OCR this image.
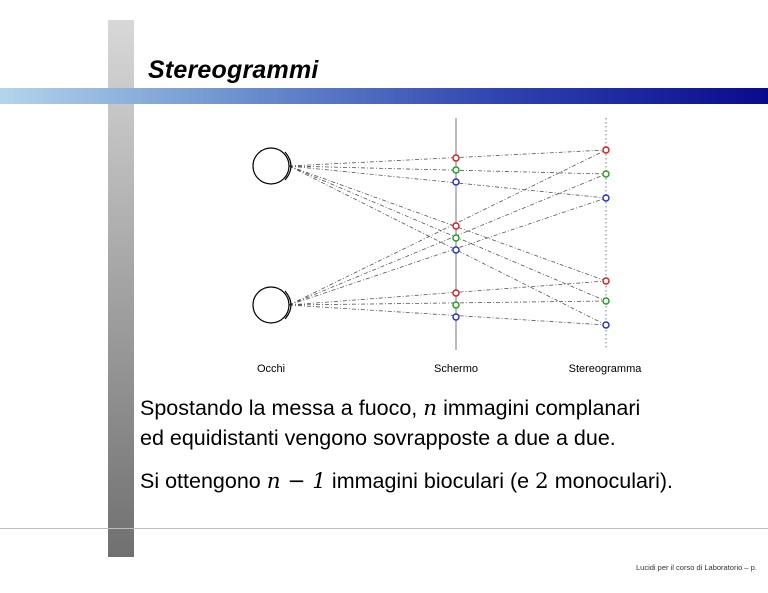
Stereogrammi
Occhi	Schermo	Stereogramma
Spostando la messa a fuoco, n immagini complanari
ed equidistanti vengono sovrapposte a due a due.
Si ottengono n − 1 immagini bioculari (e 2 monoculari).
Lucidi per il corso di Laboratorio – p.
